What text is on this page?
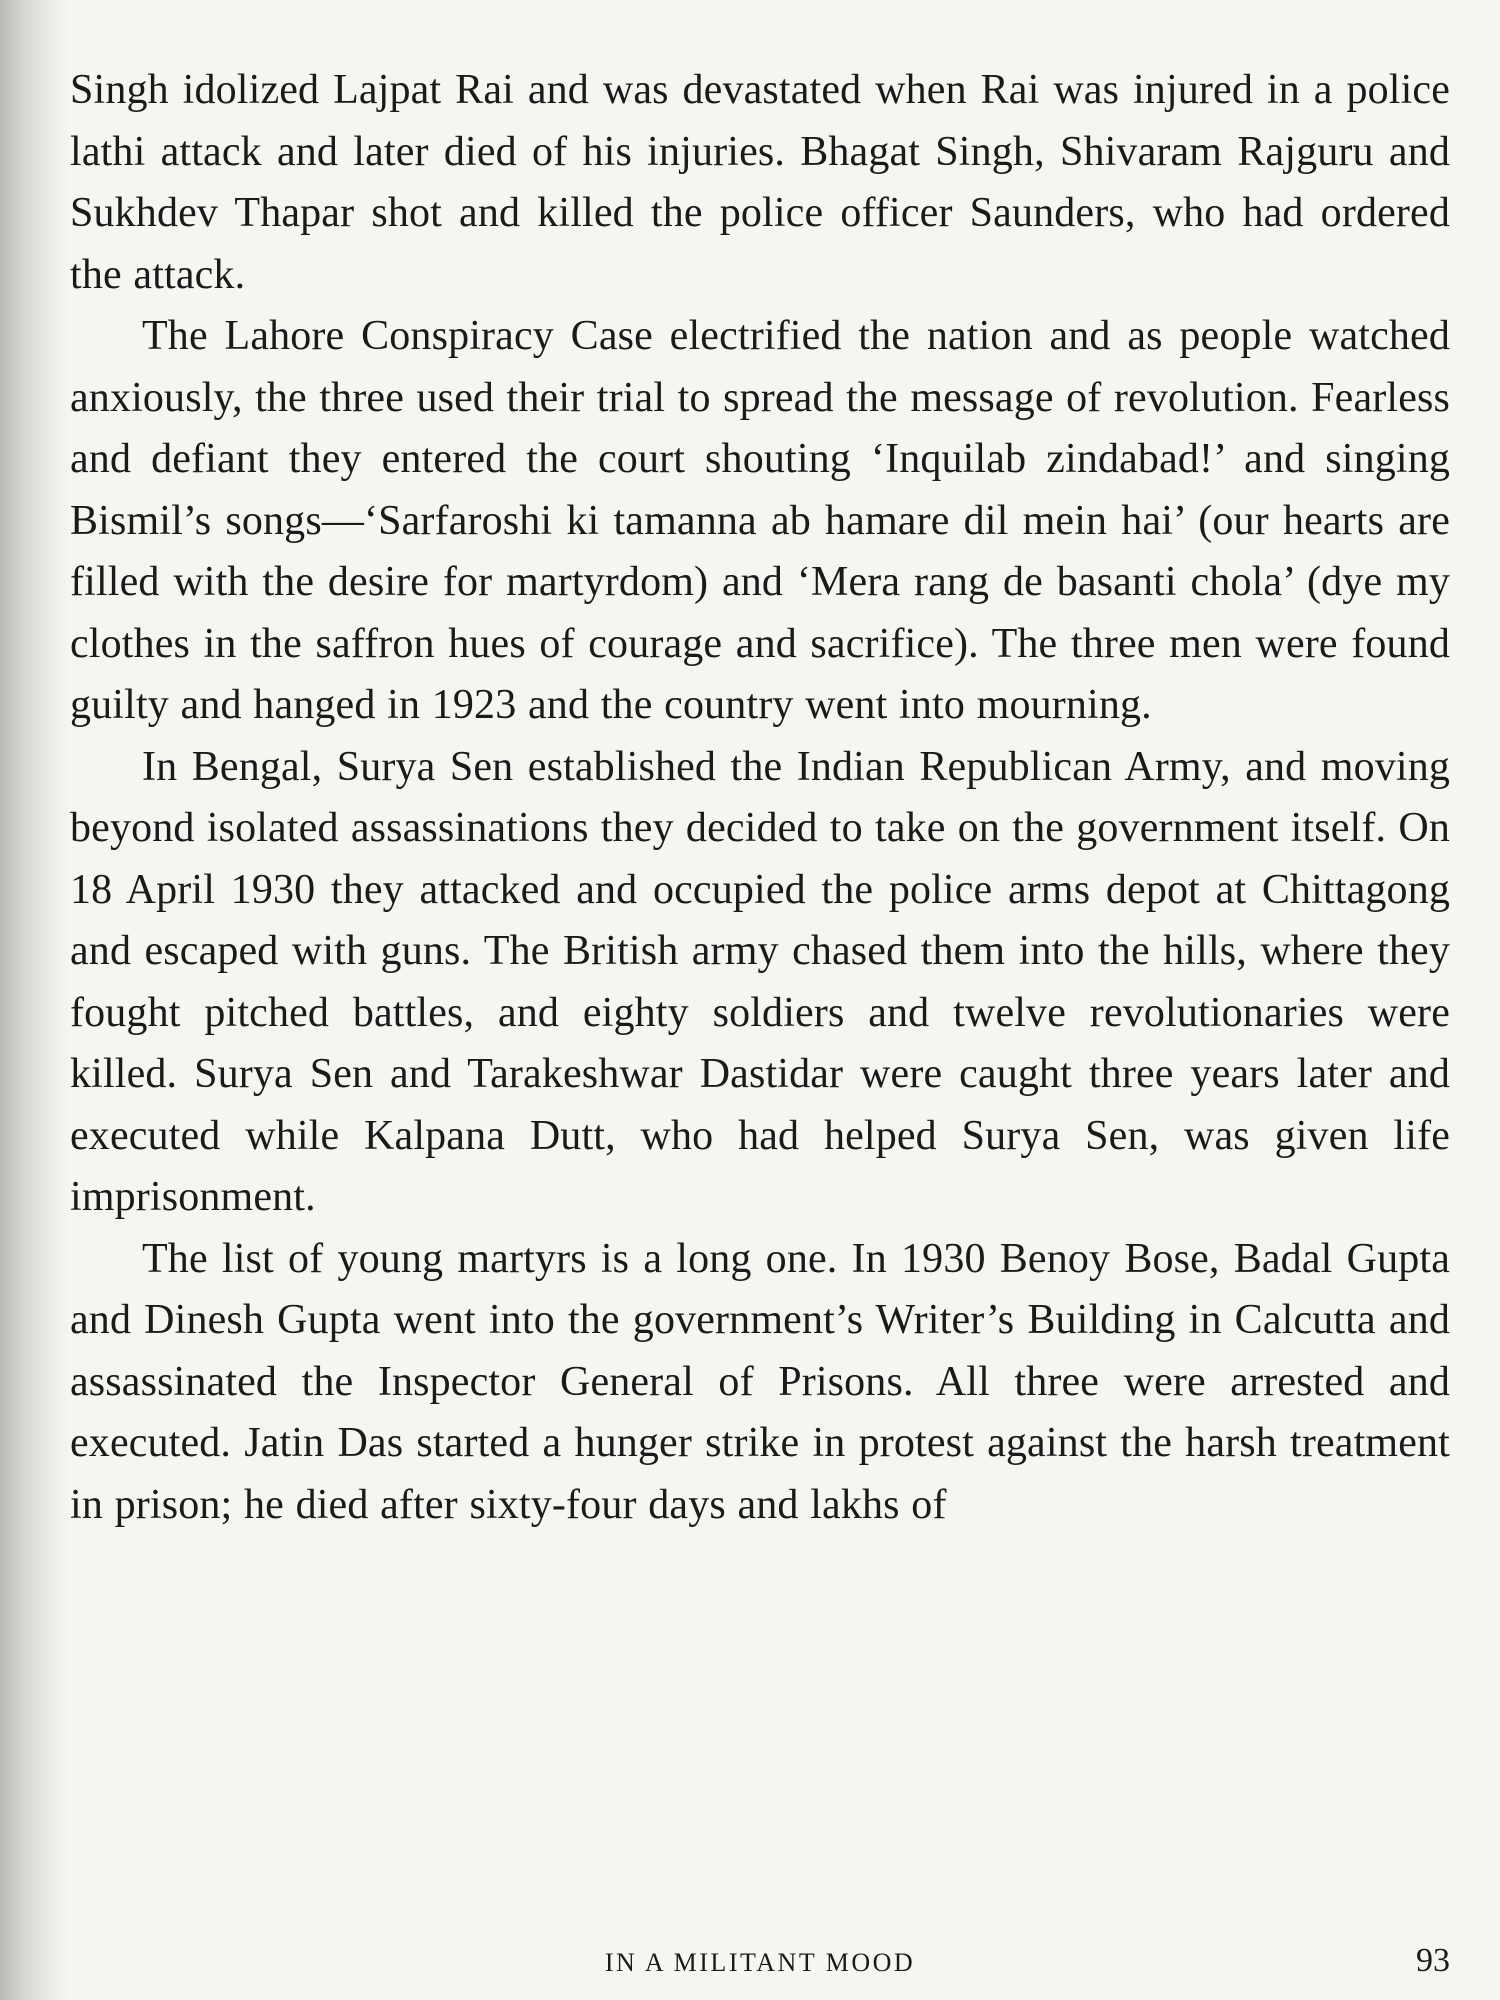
Singh idolized Lajpat Rai and was devastated when Rai was injured in a police lathi attack and later died of his injuries. Bhagat Singh, Shivaram Rajguru and Sukhdev Thapar shot and killed the police officer Saunders, who had ordered the attack.

The Lahore Conspiracy Case electrified the nation and as people watched anxiously, the three used their trial to spread the message of revolution. Fearless and defiant they entered the court shouting ‘Inquilab zindabad!’ and singing Bismil’s songs—‘Sarfaroshi ki tamanna ab hamare dil mein hai’ (our hearts are filled with the desire for martyrdom) and ‘Mera rang de basanti chola’ (dye my clothes in the saffron hues of courage and sacrifice). The three men were found guilty and hanged in 1923 and the country went into mourning.

In Bengal, Surya Sen established the Indian Republican Army, and moving beyond isolated assassinations they decided to take on the government itself. On 18 April 1930 they attacked and occupied the police arms depot at Chittagong and escaped with guns. The British army chased them into the hills, where they fought pitched battles, and eighty soldiers and twelve revolutionaries were killed. Surya Sen and Tarakeshwar Dastidar were caught three years later and executed while Kalpana Dutt, who had helped Surya Sen, was given life imprisonment.

The list of young martyrs is a long one. In 1930 Benoy Bose, Badal Gupta and Dinesh Gupta went into the government’s Writer’s Building in Calcutta and assassinated the Inspector General of Prisons. All three were arrested and executed. Jatin Das started a hunger strike in protest against the harsh treatment in prison; he died after sixty-four days and lakhs of

IN A MILITANT MOOD	93
